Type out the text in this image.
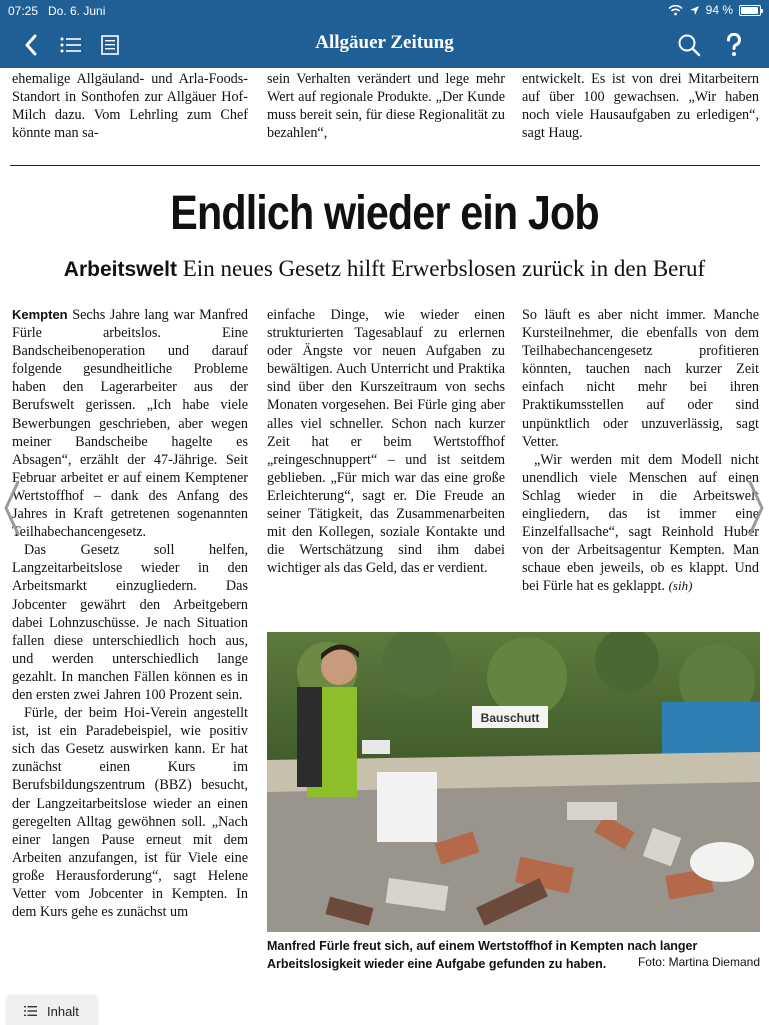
07:25 Do. 6. Juni	94 %
Allgäuer Zeitung

ehemalige Allgäuland- und Arla-Foods-Standort in Sonthofen zur Allgäuer Hof-Milch dazu. Vom Lehrling zum Chef könnte man sa-

sein Verhalten verändert und lege mehr Wert auf regionale Produkte. „Der Kunde muss bereit sein, für diese Regionalität zu bezahlen“,

entwickelt. Es ist von drei Mitarbeitern auf über 100 gewachsen. „Wir haben noch viele Hausaufgaben zu erledigen“, sagt Haug.

Endlich wieder ein Job
Arbeitswelt Ein neues Gesetz hilft Erwerbslosen zurück in den Beruf

Kempten Sechs Jahre lang war Manfred Fürle arbeitslos. Eine Bandscheibenoperation und darauf folgende gesundheitliche Probleme haben den Lagerarbeiter aus der Berufswelt gerissen. „Ich habe viele Bewerbungen geschrieben, aber wegen meiner Bandscheibe hagelte es Absagen“, erzählt der 47-Jährige. Seit Februar arbeitet er auf einem Kemptener Wertstoffhof – dank des Anfang des Jahres in Kraft getretenen sogenannten Teilhabechancengesetz.

Das Gesetz soll helfen, Langzeitarbeitslose wieder in den Arbeitsmarkt einzugliedern. Das Jobcenter gewährt den Arbeitgebern dabei Lohnzuschüsse. Je nach Situation fallen diese unterschiedlich hoch aus, und werden unterschiedlich lange gezahlt. In manchen Fällen können es in den ersten zwei Jahren 100 Prozent sein.

Fürle, der beim Hoi-Verein angestellt ist, ist ein Paradebeispiel, wie positiv sich das Gesetz auswirken kann. Er hat zunächst einen Kurs im Berufsbildungszentrum (BBZ) besucht, der Langzeitarbeitslose wieder an einen geregelten Alltag gewöhnen soll. „Nach einer langen Pause erneut mit dem Arbeiten anzufangen, ist für Viele eine große Herausforderung“, sagt Helene Vetter vom Jobcenter in Kempten. In dem Kurs gehe es zunächst um

einfache Dinge, wie wieder einen strukturierten Tagesablauf zu erlernen oder Ängste vor neuen Aufgaben zu bewältigen. Auch Unterricht und Praktika sind über den Kurszeitraum von sechs Monaten vorgesehen. Bei Fürle ging aber alles viel schneller. Schon nach kurzer Zeit hat er beim Wertstoffhof „reingeschnuppert“ – und ist seitdem geblieben. „Für mich war das eine große Erleichterung“, sagt er. Die Freude an seiner Tätigkeit, das Zusammenarbeiten mit den Kollegen, soziale Kontakte und die Wertschätzung sind ihm dabei wichtiger als das Geld, das er verdient.

So läuft es aber nicht immer. Manche Kursteilnehmer, die ebenfalls von dem Teilhabechancengesetz profitieren könnten, tauchen nach kurzer Zeit einfach nicht mehr bei ihren Praktikumsstellen auf oder sind unpünktlich oder unzuverlässig, sagt Vetter.

„Wir werden mit dem Modell nicht unendlich viele Menschen auf einen Schlag wieder in die Arbeitswelt eingliedern, das ist immer eine Einzelfallsache“, sagt Reinhold Huber von der Arbeitsagentur Kempten. Man schaue eben jeweils, ob es klappt. Und bei Fürle hat es geklappt. (sih)

Bauschutt
Manfred Fürle freut sich, auf einem Wertstoffhof in Kempten nach langer Arbeitslosigkeit wieder eine Aufgabe gefunden zu haben.	Foto: Martina Diemand
Inhalt
